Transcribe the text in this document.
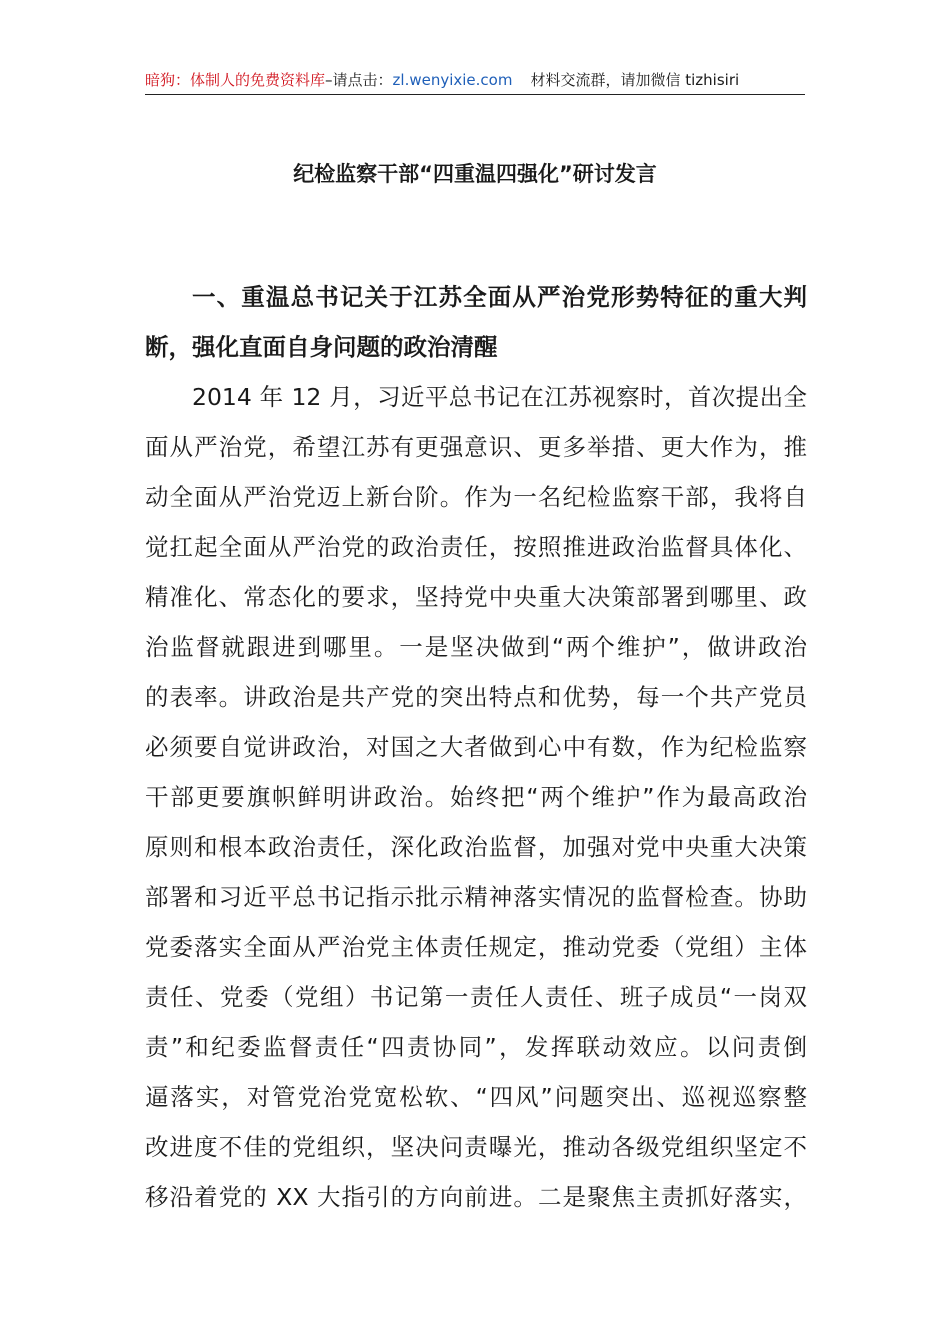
暗狗：体制人的免费资料库–请点击：zl.wenyixie.com 材料交流群，请加微信 tizhisiri
纪检监察干部“四重温四强化”研讨发言
一、重温总书记关于江苏全面从严治党形势特征的重大判
断，强化直面自身问题的政治清醒
2014 年 12 月，习近平总书记在江苏视察时，首次提出全
面从严治党，希望江苏有更强意识、更多举措、更大作为，推
动全面从严治党迈上新台阶。作为一名纪检监察干部，我将自
觉扛起全面从严治党的政治责任，按照推进政治监督具体化、
精准化、常态化的要求，坚持党中央重大决策部署到哪里、政
治监督就跟进到哪里。一是坚决做到“两个维护”，做讲政治
的表率。讲政治是共产党的突出特点和优势，每一个共产党员
必须要自觉讲政治，对国之大者做到心中有数，作为纪检监察
干部更要旗帜鲜明讲政治。始终把“两个维护”作为最高政治
原则和根本政治责任，深化政治监督，加强对党中央重大决策
部署和习近平总书记指示批示精神落实情况的监督检查。协助
党委落实全面从严治党主体责任规定，推动党委（党组）主体
责任、党委（党组）书记第一责任人责任、班子成员“一岗双
责”和纪委监督责任“四责协同”，发挥联动效应。以问责倒
逼落实，对管党治党宽松软、“四风”问题突出、巡视巡察整
改进度不佳的党组织，坚决问责曝光，推动各级党组织坚定不
移沿着党的 XX 大指引的方向前进。二是聚焦主责抓好落实，
